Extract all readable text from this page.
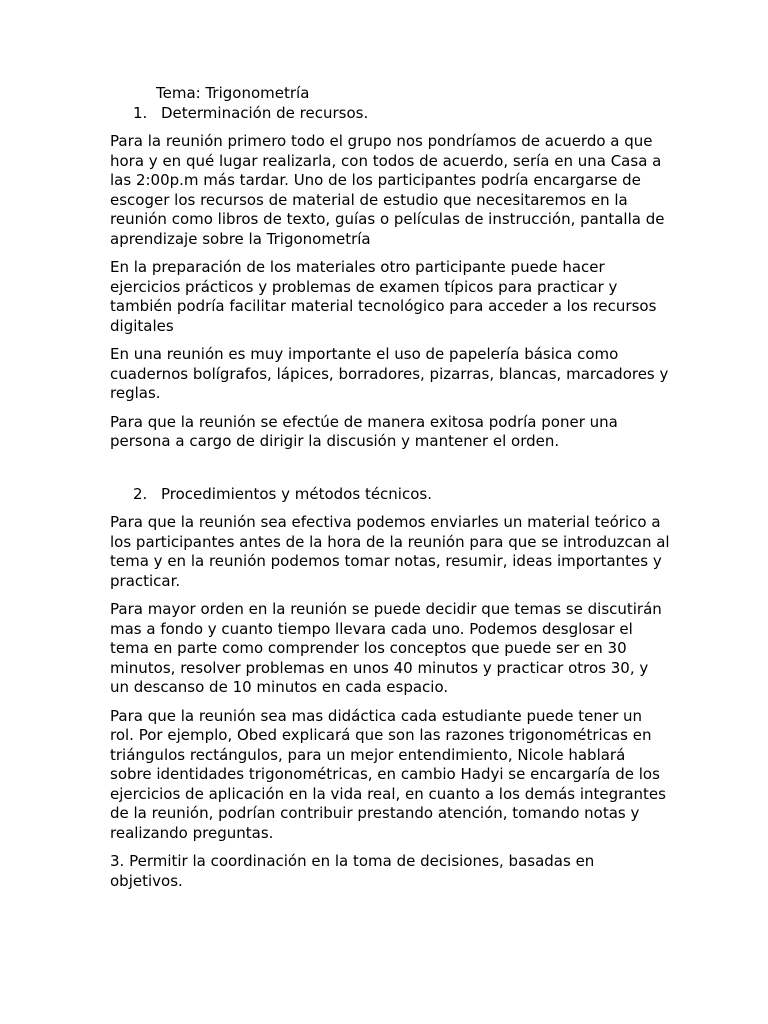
Tema: Trigonometría

1. Determinación de recursos.

Para la reunión primero todo el grupo nos pondríamos de acuerdo a que hora y en qué lugar realizarla, con todos de acuerdo, sería en una Casa a las 2:00p.m más tardar. Uno de los participantes podría encargarse de escoger los recursos de material de estudio que necesitaremos en la reunión como libros de texto, guías o películas de instrucción, pantalla de aprendizaje sobre la Trigonometría

En la preparación de los materiales otro participante puede hacer ejercicios prácticos y problemas de examen típicos para practicar y también podría facilitar material tecnológico para acceder a los recursos digitales

En una reunión es muy importante el uso de papelería básica como cuadernos bolígrafos, lápices, borradores, pizarras, blancas, marcadores y reglas.

Para que la reunión se efectúe de manera exitosa podría poner una persona a cargo de dirigir la discusión y mantener el orden.

2. Procedimientos y métodos técnicos.

Para que la reunión sea efectiva podemos enviarles un material teórico a los participantes antes de la hora de la reunión para que se introduzcan al tema y en la reunión podemos tomar notas, resumir, ideas importantes y practicar.

Para mayor orden en la reunión se puede decidir que temas se discutirán mas a fondo y cuanto tiempo llevara cada uno. Podemos desglosar el tema en parte como comprender los conceptos que puede ser en 30 minutos, resolver problemas en unos 40 minutos y practicar otros 30, y un descanso de 10 minutos en cada espacio.

Para que la reunión sea mas didáctica cada estudiante puede tener un rol. Por ejemplo, Obed explicará que son las razones trigonométricas en triángulos rectángulos, para un mejor entendimiento, Nicole hablará sobre identidades trigonométricas, en cambio Hadyi se encargaría de los ejercicios de aplicación en la vida real, en cuanto a los demás integrantes de la reunión, podrían contribuir prestando atención, tomando notas y realizando preguntas.

3. Permitir la coordinación en la toma de decisiones, basadas en objetivos.
